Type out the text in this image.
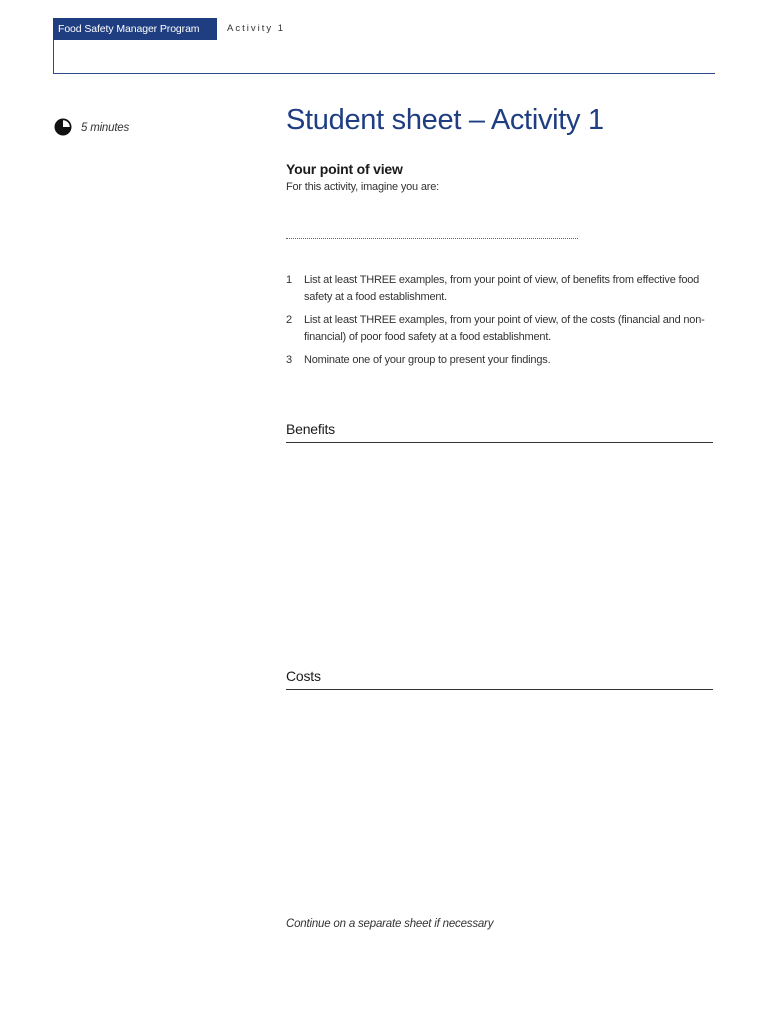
Food Safety Manager Program	Activity 1
5 minutes	Student sheet – Activity 1
Your point of view
For this activity, imagine you are:
1	List at least THREE examples, from your point of view, of benefits from effective food safety at a food establishment.
2	List at least THREE examples, from your point of view, of the costs (financial and non-financial) of poor food safety at a food establishment.
3	Nominate one of your group to present your findings.
Benefits
Costs
Continue on a separate sheet if necessary
